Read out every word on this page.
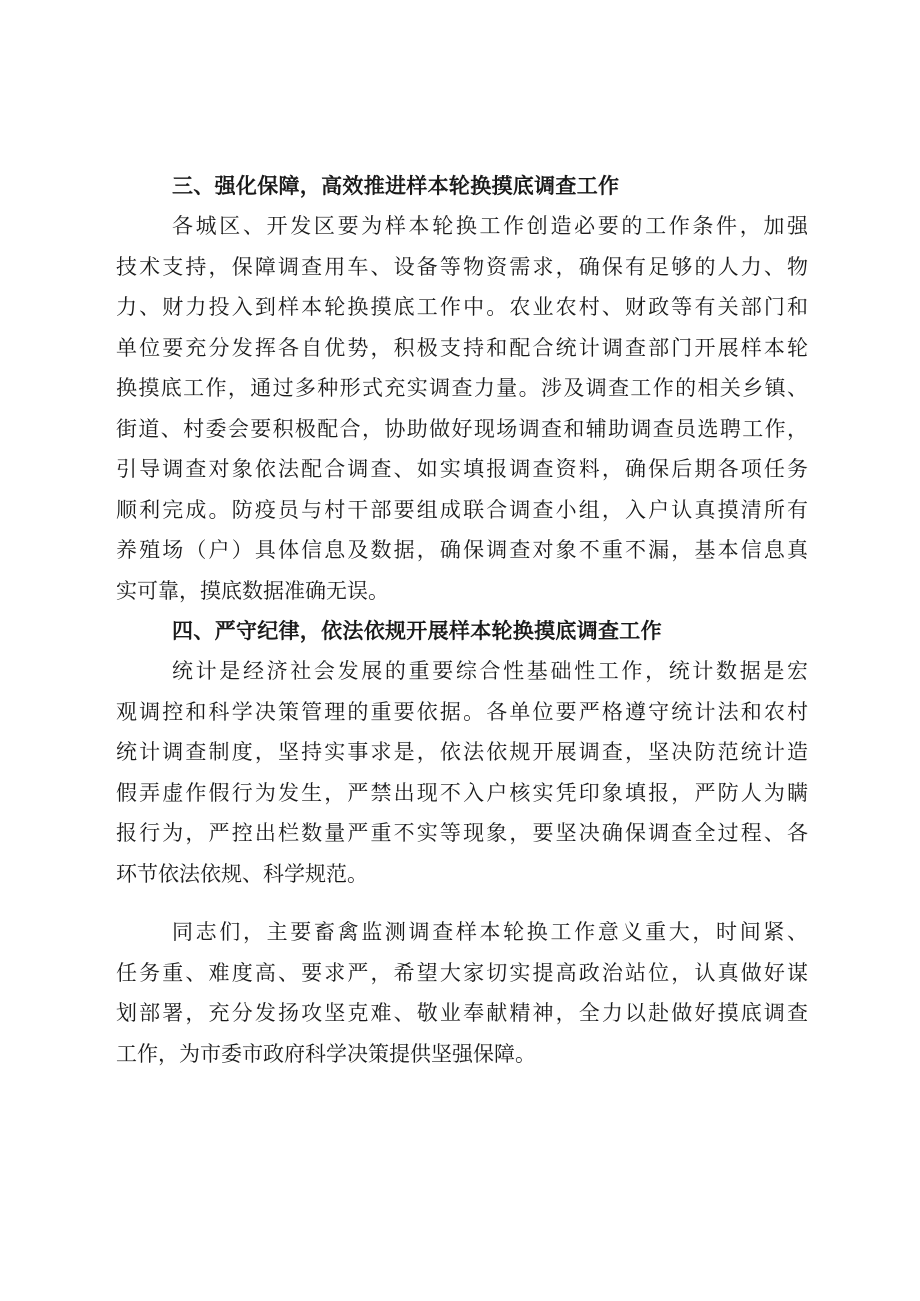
三、强化保障，高效推进样本轮换摸底调查工作

各城区、开发区要为样本轮换工作创造必要的工作条件，加强
技术支持，保障调查用车、设备等物资需求，确保有足够的人力、物
力、财力投入到样本轮换摸底工作中。农业农村、财政等有关部门和
单位要充分发挥各自优势，积极支持和配合统计调查部门开展样本轮
换摸底工作，通过多种形式充实调查力量。涉及调查工作的相关乡镇、
街道、村委会要积极配合，协助做好现场调查和辅助调查员选聘工作，
引导调查对象依法配合调查、如实填报调查资料，确保后期各项任务
顺利完成。防疫员与村干部要组成联合调查小组，入户认真摸清所有
养殖场（户）具体信息及数据，确保调查对象不重不漏，基本信息真
实可靠，摸底数据准确无误。

四、严守纪律，依法依规开展样本轮换摸底调查工作

统计是经济社会发展的重要综合性基础性工作，统计数据是宏
观调控和科学决策管理的重要依据。各单位要严格遵守统计法和农村
统计调查制度，坚持实事求是，依法依规开展调查，坚决防范统计造
假弄虚作假行为发生，严禁出现不入户核实凭印象填报，严防人为瞒
报行为，严控出栏数量严重不实等现象，要坚决确保调查全过程、各
环节依法依规、科学规范。

同志们，主要畜禽监测调查样本轮换工作意义重大，时间紧、
任务重、难度高、要求严，希望大家切实提高政治站位，认真做好谋
划部署，充分发扬攻坚克难、敬业奉献精神，全力以赴做好摸底调查
工作，为市委市政府科学决策提供坚强保障。
